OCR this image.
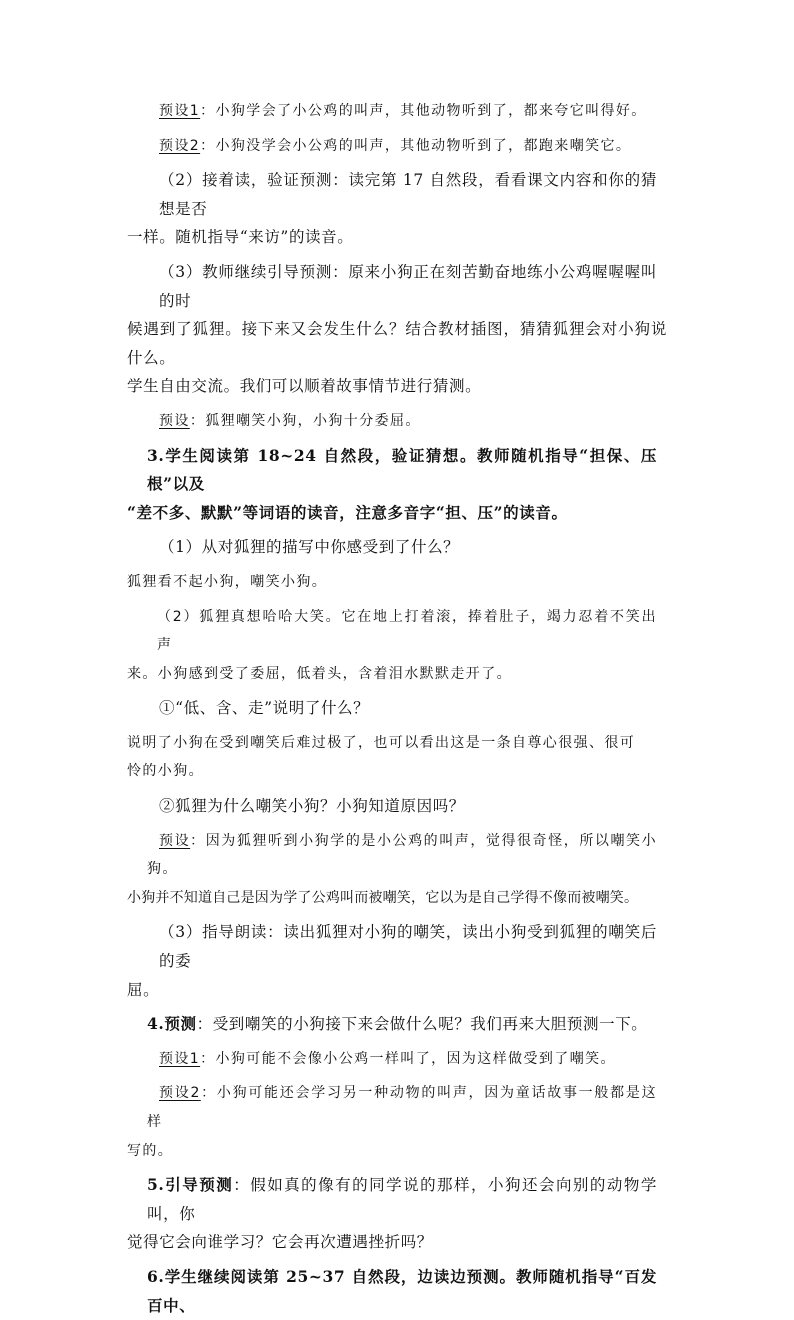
预设1：小狗学会了小公鸡的叫声，其他动物听到了，都来夸它叫得好。

预设2：小狗没学会小公鸡的叫声，其他动物听到了，都跑来嘲笑它。

（2）接着读，验证预测：读完第 17 自然段，看看课文内容和你的猜想是否

一样。随机指导“来访”的读音。

（3）教师继续引导预测：原来小狗正在刻苦勤奋地练小公鸡喔喔喔叫的时

候遇到了狐狸。接下来又会发生什么？结合教材插图，猜猜狐狸会对小狗说什么。

学生自由交流。我们可以顺着故事情节进行猜测。

预设：狐狸嘲笑小狗，小狗十分委屈。

3.学生阅读第 18~24 自然段，验证猜想。教师随机指导“担保、压根”以及

“差不多、默默”等词语的读音，注意多音字“担、压”的读音。

（1）从对狐狸的描写中你感受到了什么？

狐狸看不起小狗，嘲笑小狗。

（2）狐狸真想哈哈大笑。它在地上打着滚，捧着肚子，竭力忍着不笑出声

来。小狗感到受了委屈，低着头，含着泪水默默走开了。

①“低、含、走”说明了什么？

说明了小狗在受到嘲笑后难过极了，也可以看出这是一条自尊心很强、很可

怜的小狗。

②狐狸为什么嘲笑小狗？小狗知道原因吗？

预设：因为狐狸听到小狗学的是小公鸡的叫声，觉得很奇怪，所以嘲笑小狗。

小狗并不知道自己是因为学了公鸡叫而被嘲笑，它以为是自己学得不像而被嘲笑。

（3）指导朗读：读出狐狸对小狗的嘲笑，读出小狗受到狐狸的嘲笑后的委

屈。

4.预测：受到嘲笑的小狗接下来会做什么呢？我们再来大胆预测一下。

预设1：小狗可能不会像小公鸡一样叫了，因为这样做受到了嘲笑。

预设2：小狗可能还会学习另一种动物的叫声，因为童话故事一般都是这样

写的。

5.引导预测：假如真的像有的同学说的那样，小狗还会向别的动物学叫，你

觉得它会向谁学习？它会再次遭遇挫折吗？

6.学生继续阅读第 25~37 自然段，边读边预测。教师随机指导“百发百中、
